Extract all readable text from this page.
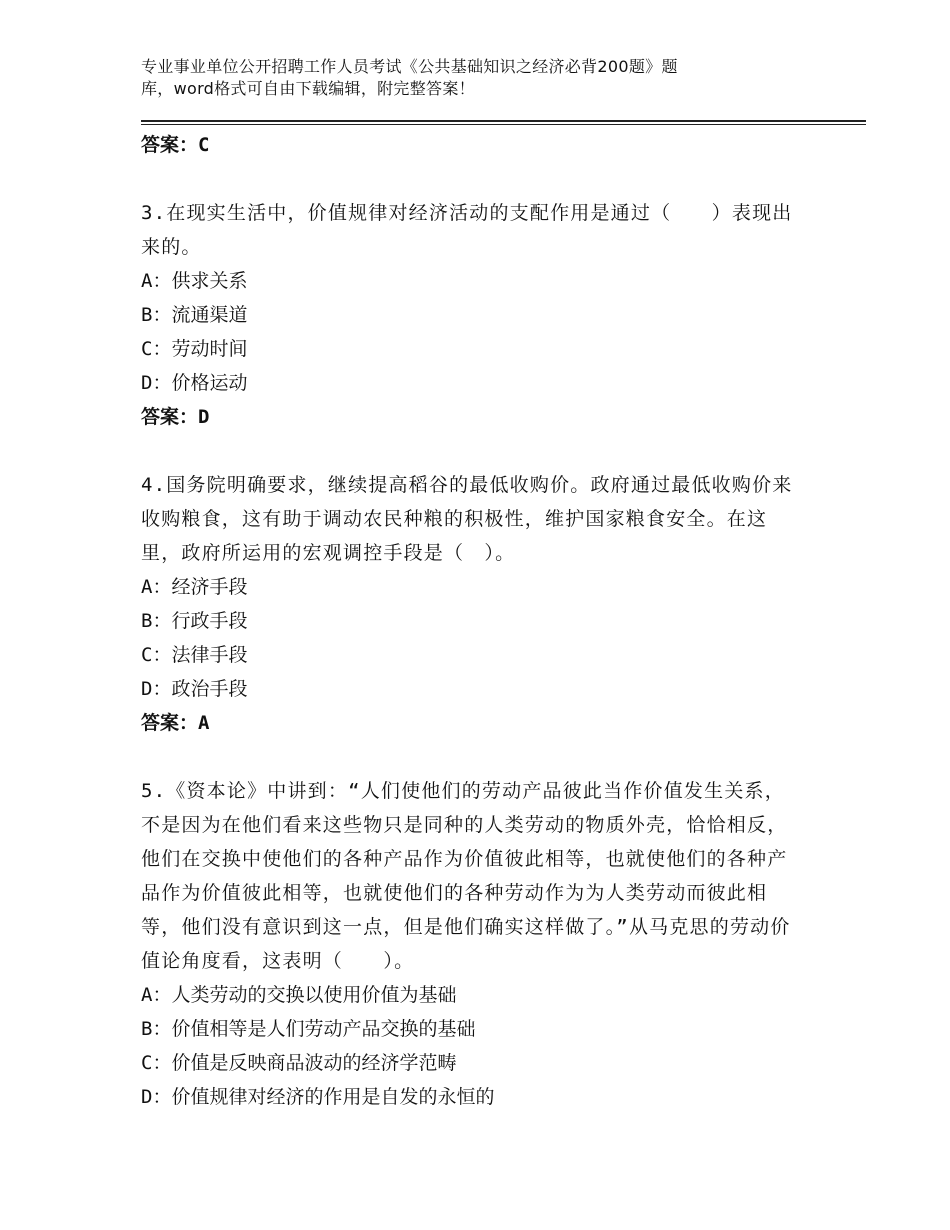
专业事业单位公开招聘工作人员考试《公共基础知识之经济必背200题》题
库，word格式可自由下载编辑，附完整答案！
答案：C
3.在现实生活中，价值规律对经济活动的支配作用是通过（　　）表现出来的。
A：供求关系
B：流通渠道
C：劳动时间
D：价格运动
答案：D
4.国务院明确要求，继续提高稻谷的最低收购价。政府通过最低收购价来收购粮食，这有助于调动农民种粮的积极性，维护国家粮食安全。在这里，政府所运用的宏观调控手段是（　）。
A：经济手段
B：行政手段
C：法律手段
D：政治手段
答案：A
5.《资本论》中讲到：“人们使他们的劳动产品彼此当作价值发生关系，不是因为在他们看来这些物只是同种的人类劳动的物质外壳，恰恰相反，他们在交换中使他们的各种产品作为价值彼此相等，也就使他们的各种产品作为价值彼此相等，也就使他们的各种劳动作为为人类劳动而彼此相等，他们没有意识到这一点，但是他们确实这样做了。”从马克思的劳动价值论角度看，这表明（　　）。
A：人类劳动的交换以使用价值为基础
B：价值相等是人们劳动产品交换的基础
C：价值是反映商品波动的经济学范畴
D：价值规律对经济的作用是自发的永恒的
